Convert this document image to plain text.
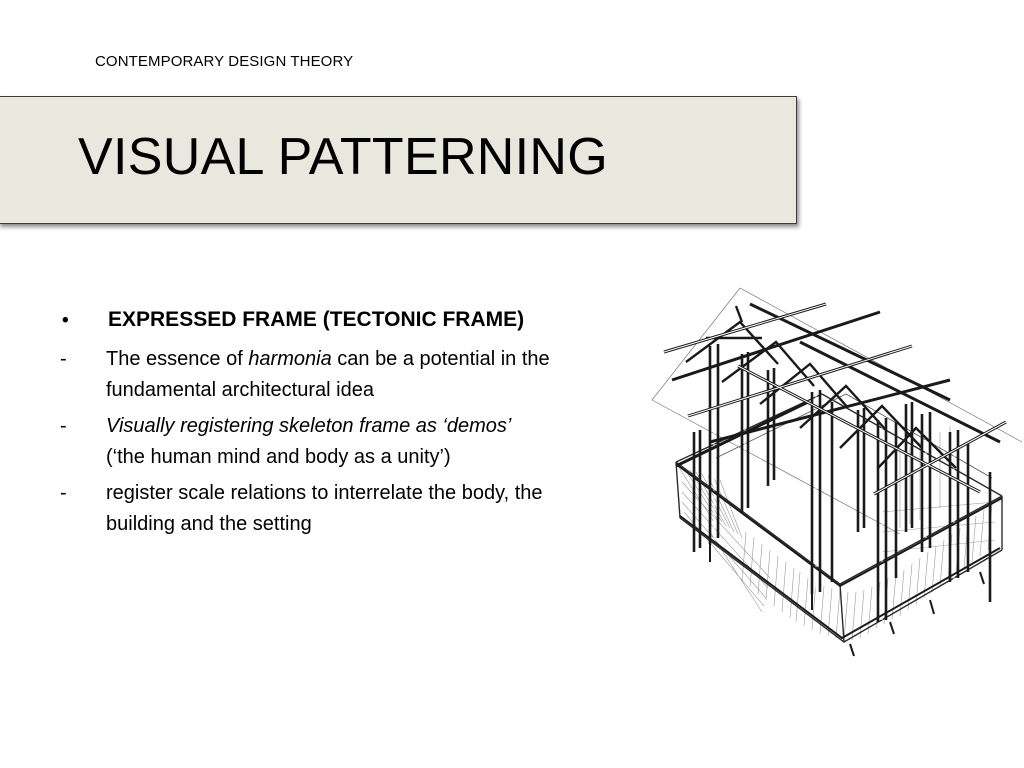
CONTEMPORARY DESIGN THEORY
VISUAL PATTERNING
•	EXPRESSED FRAME (TECTONIC FRAME)
-	The essence of harmonia can be a potential in the fundamental architectural idea
-	Visually registering skeleton frame as ‘demos’
(‘the human mind and body as a unity’)
-	register scale relations to interrelate the body, the building and the setting
